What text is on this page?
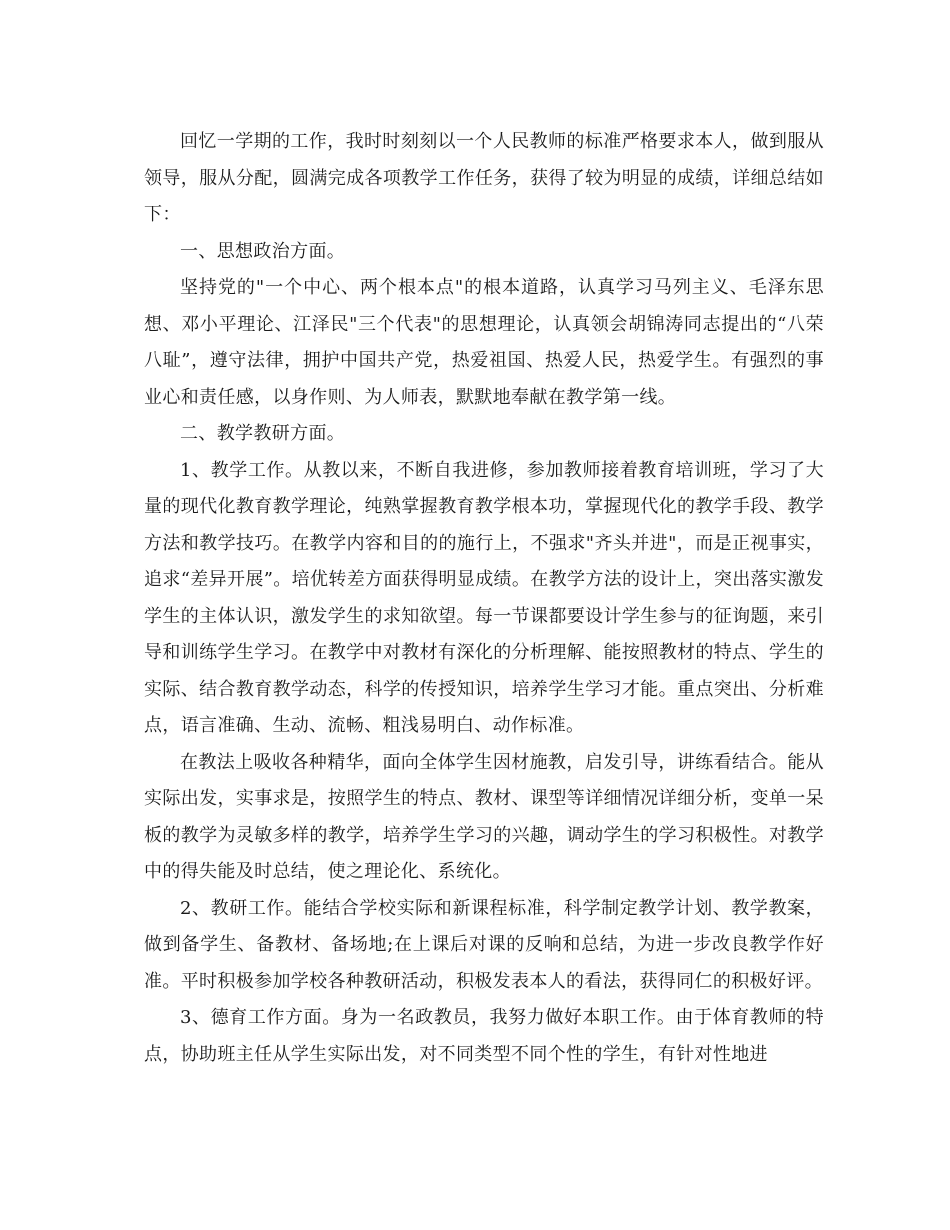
回忆一学期的工作，我时时刻刻以一个人民教师的标准严格要求本人，做到服从领导，服从分配，圆满完成各项教学工作任务，获得了较为明显的成绩，详细总结如下：

一、思想政治方面。

坚持党的"一个中心、两个根本点"的根本道路，认真学习马列主义、毛泽东思想、邓小平理论、江泽民"三个代表"的思想理论，认真领会胡锦涛同志提出的“八荣八耻”，遵守法律，拥护中国共产党，热爱祖国、热爱人民，热爱学生。有强烈的事业心和责任感，以身作则、为人师表，默默地奉献在教学第一线。

二、教学教研方面。

1、教学工作。从教以来，不断自我进修，参加教师接着教育培训班，学习了大量的现代化教育教学理论，纯熟掌握教育教学根本功，掌握现代化的教学手段、教学方法和教学技巧。在教学内容和目的的施行上，不强求"齐头并进"，而是正视事实，追求“差异开展”。培优转差方面获得明显成绩。在教学方法的设计上，突出落实激发学生的主体认识，激发学生的求知欲望。每一节课都要设计学生参与的征询题，来引导和训练学生学习。在教学中对教材有深化的分析理解、能按照教材的特点、学生的实际、结合教育教学动态，科学的传授知识，培养学生学习才能。重点突出、分析难点，语言准确、生动、流畅、粗浅易明白、动作标准。

在教法上吸收各种精华，面向全体学生因材施教，启发引导，讲练看结合。能从实际出发，实事求是，按照学生的特点、教材、课型等详细情况详细分析，变单一呆板的教学为灵敏多样的教学，培养学生学习的兴趣，调动学生的学习积极性。对教学中的得失能及时总结，使之理论化、系统化。

2、教研工作。能结合学校实际和新课程标准，科学制定教学计划、教学教案，做到备学生、备教材、备场地;在上课后对课的反响和总结，为进一步改良教学作好准。平时积极参加学校各种教研活动，积极发表本人的看法，获得同仁的积极好评。

3、德育工作方面。身为一名政教员，我努力做好本职工作。由于体育教师的特点，协助班主任从学生实际出发，对不同类型不同个性的学生，有针对性地进
